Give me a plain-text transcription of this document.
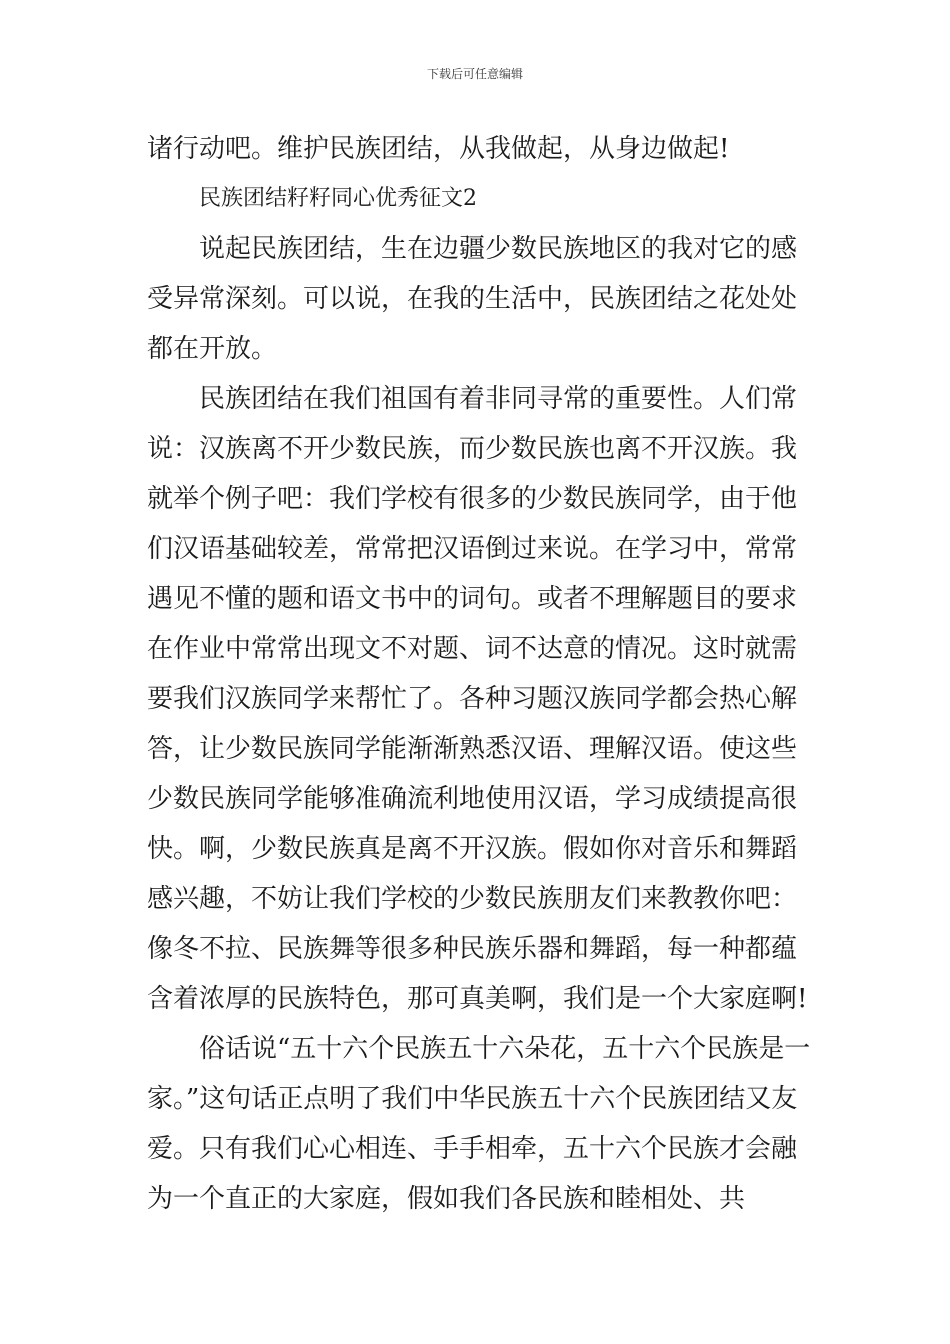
下载后可任意编辑

诸行动吧。维护民族团结，从我做起，从身边做起!

民族团结籽籽同心优秀征文2

说起民族团结，生在边疆少数民族地区的我对它的感受异常深刻。可以说，在我的生活中，民族团结之花处处都在开放。

民族团结在我们祖国有着非同寻常的重要性。人们常说：汉族离不开少数民族，而少数民族也离不开汉族。我就举个例子吧：我们学校有很多的少数民族同学，由于他们汉语基础较差，常常把汉语倒过来说。在学习中，常常遇见不懂的题和语文书中的词句。或者不理解题目的要求在作业中常常出现文不对题、词不达意的情况。这时就需要我们汉族同学来帮忙了。各种习题汉族同学都会热心解答，让少数民族同学能渐渐熟悉汉语、理解汉语。使这些少数民族同学能够准确流利地使用汉语，学习成绩提高很快。啊，少数民族真是离不开汉族。假如你对音乐和舞蹈感兴趣，不妨让我们学校的少数民族朋友们来教教你吧：像冬不拉、民族舞等很多种民族乐器和舞蹈，每一种都蕴含着浓厚的民族特色，那可真美啊，我们是一个大家庭啊!

俗话说“五十六个民族五十六朵花，五十六个民族是一家。”这句话正点明了我们中华民族五十六个民族团结又友爱。只有我们心心相连、手手相牵，五十六个民族才会融为一个直正的大家庭，假如我们各民族和睦相处、共
